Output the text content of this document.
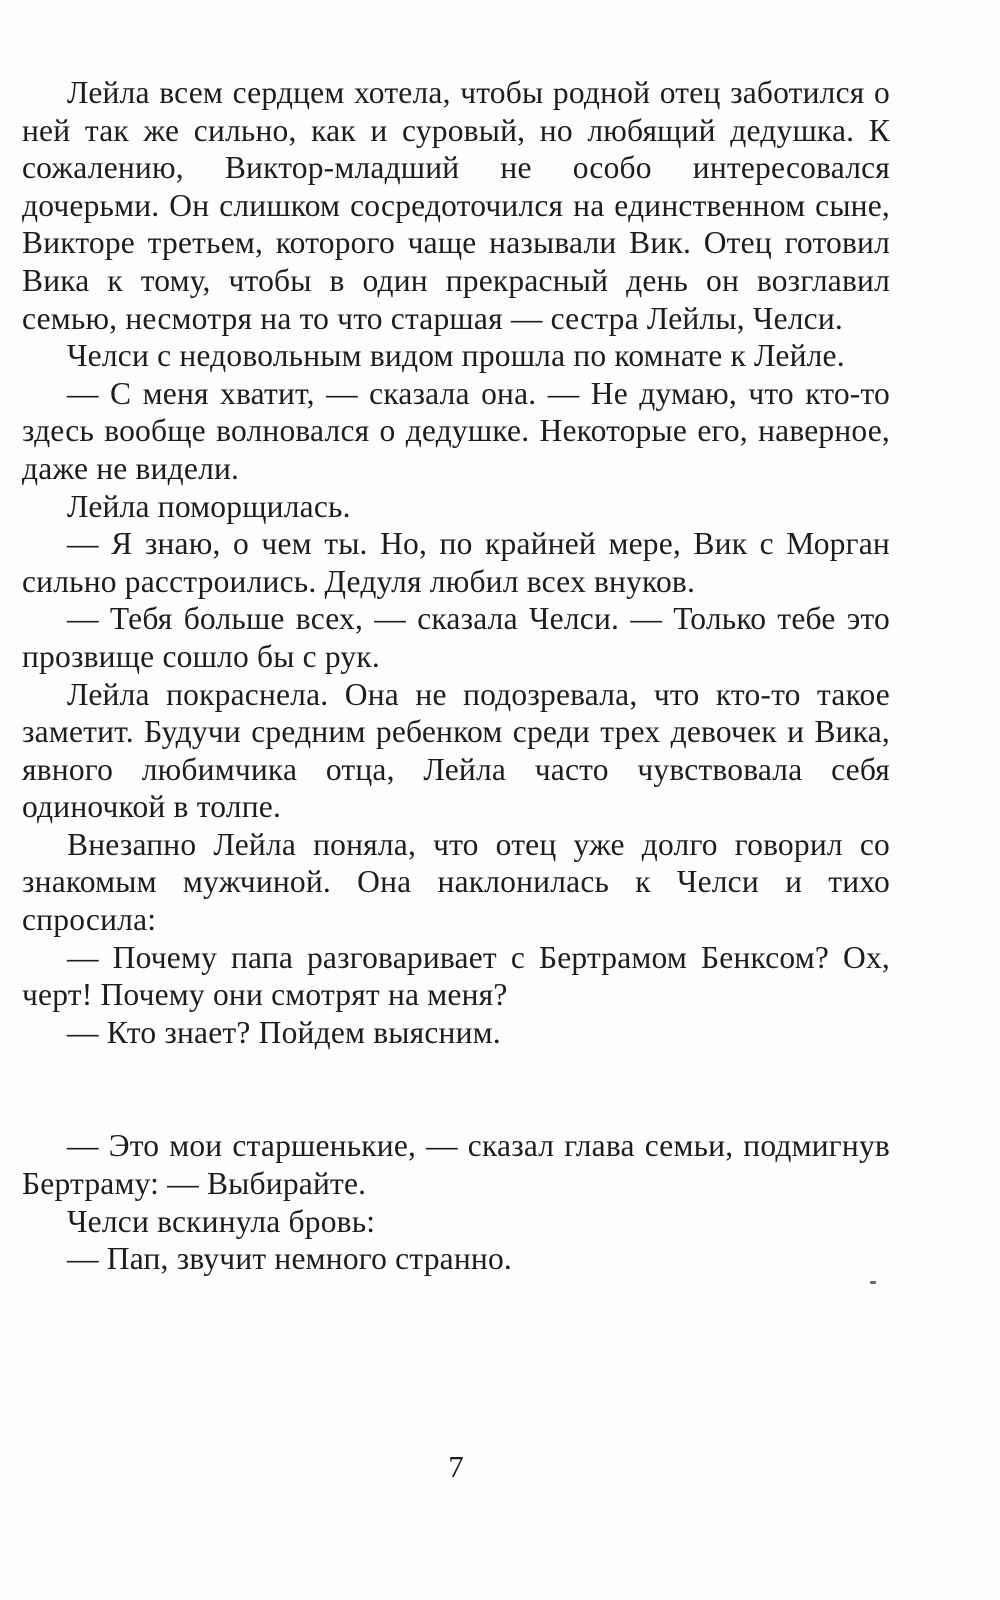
Лейла всем сердцем хотела, чтобы родной отец заботился о ней так же сильно, как и суровый, но любящий дедушка. К сожалению, Виктор-младший не особо интересовался дочерьми. Он слишком сосредоточился на единственном сыне, Викторе третьем, которого чаще называли Вик. Отец готовил Вика к тому, чтобы в один прекрасный день он возглавил семью, несмотря на то что старшая — сестра Лейлы, Челси.

Челси с недовольным видом прошла по комнате к Лейле.

— С меня хватит, — сказала она. — Не думаю, что кто-то здесь вообще волновался о дедушке. Некоторые его, наверное, даже не видели.

Лейла поморщилась.

— Я знаю, о чем ты. Но, по крайней мере, Вик с Морган сильно расстроились. Дедуля любил всех внуков.

— Тебя больше всех, — сказала Челси. — Только тебе это прозвище сошло бы с рук.

Лейла покраснела. Она не подозревала, что кто-то такое заметит. Будучи средним ребенком среди трех девочек и Вика, явного любимчика отца, Лейла часто чувствовала себя одиночкой в толпе.

Внезапно Лейла поняла, что отец уже долго говорил со знакомым мужчиной. Она наклонилась к Челси и тихо спросила:

— Почему папа разговаривает с Бертрамом Бенксом? Ох, черт! Почему они смотрят на меня?

— Кто знает? Пойдем выясним.

— Это мои старшенькие, — сказал глава семьи, подмигнув Бертраму: — Выбирайте.

Челси вскинула бровь:

— Пап, звучит немного странно.

7
